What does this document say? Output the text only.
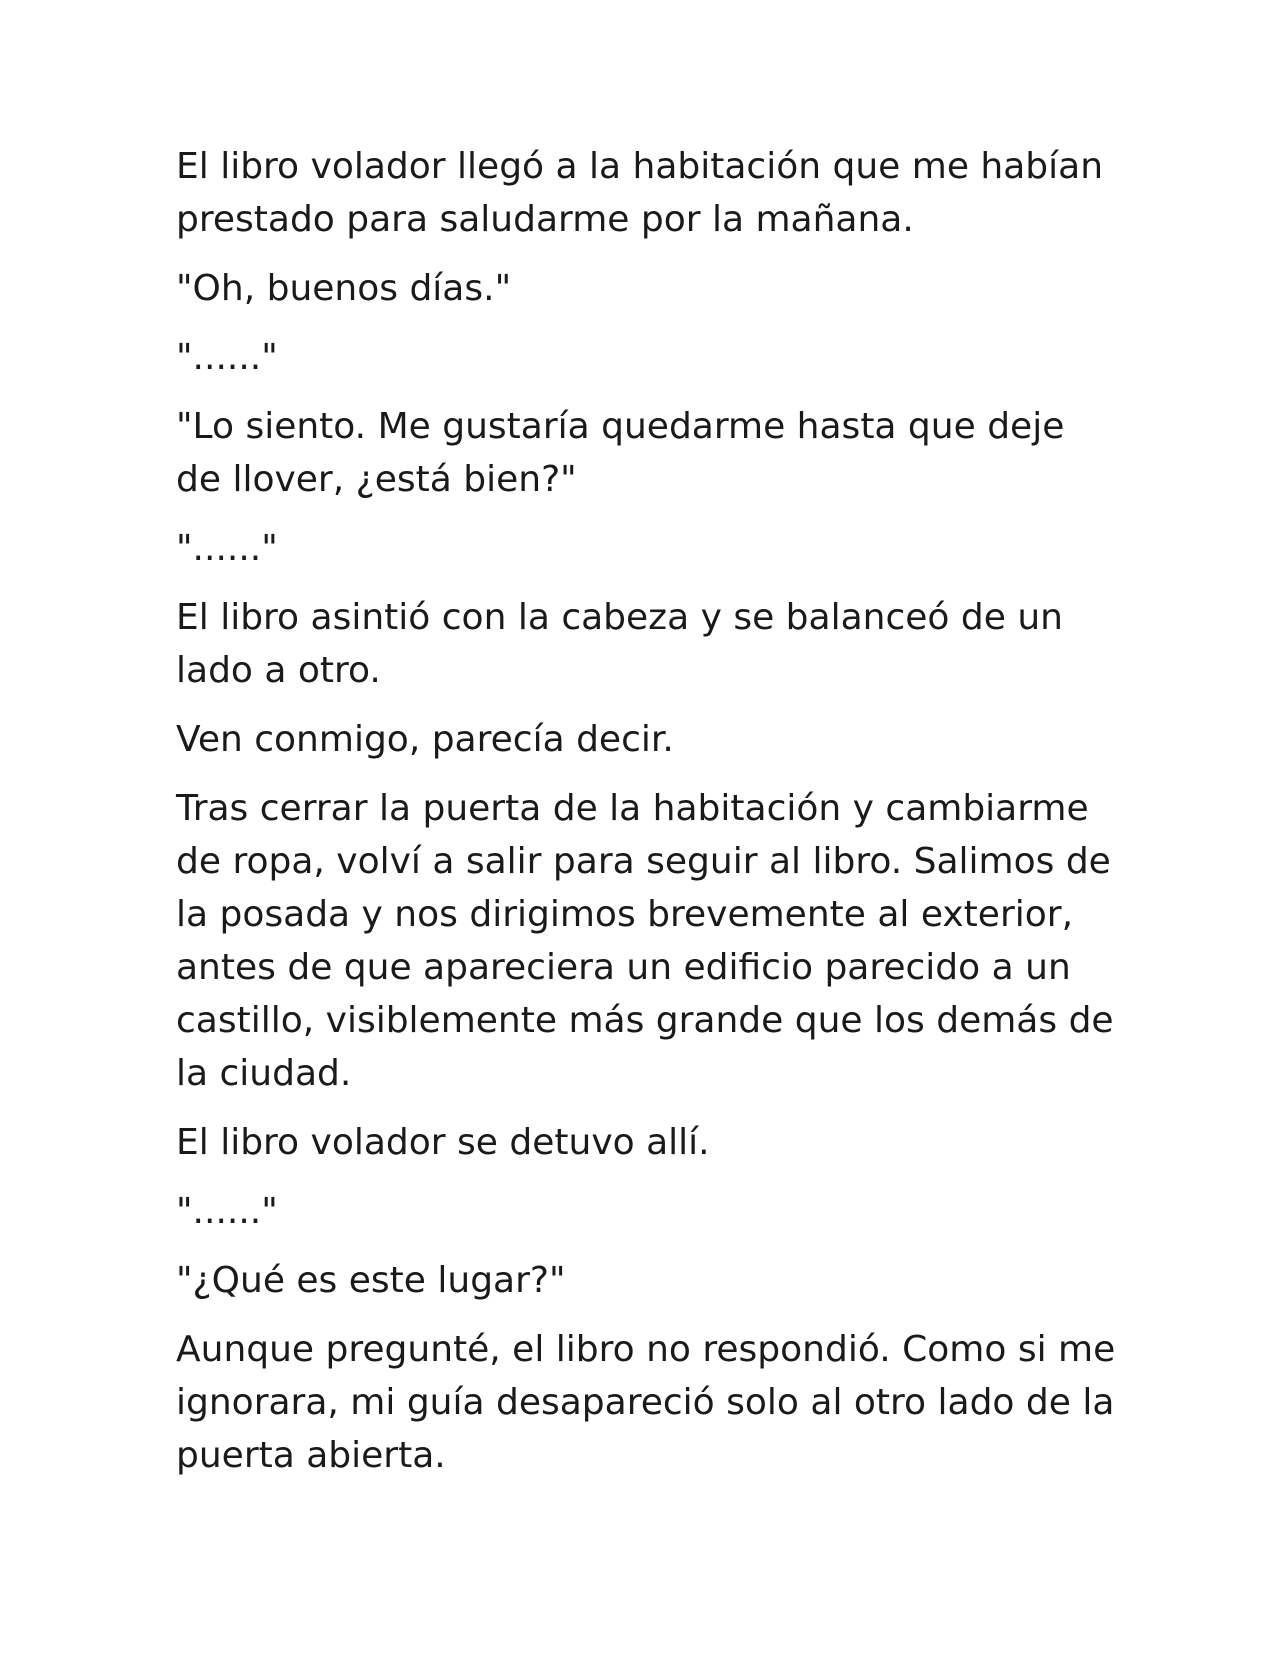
El libro volador llegó a la habitación que me habían prestado para saludarme por la mañana.

"Oh, buenos días."

"......"

"Lo siento. Me gustaría quedarme hasta que deje de llover, ¿está bien?"

"......"

El libro asintió con la cabeza y se balanceó de un lado a otro.

Ven conmigo, parecía decir.

Tras cerrar la puerta de la habitación y cambiarme de ropa, volví a salir para seguir al libro. Salimos de la posada y nos dirigimos brevemente al exterior, antes de que apareciera un edificio parecido a un castillo, visiblemente más grande que los demás de la ciudad.

El libro volador se detuvo allí.

"......"

"¿Qué es este lugar?"

Aunque pregunté, el libro no respondió. Como si me ignorara, mi guía desapareció solo al otro lado de la puerta abierta.
